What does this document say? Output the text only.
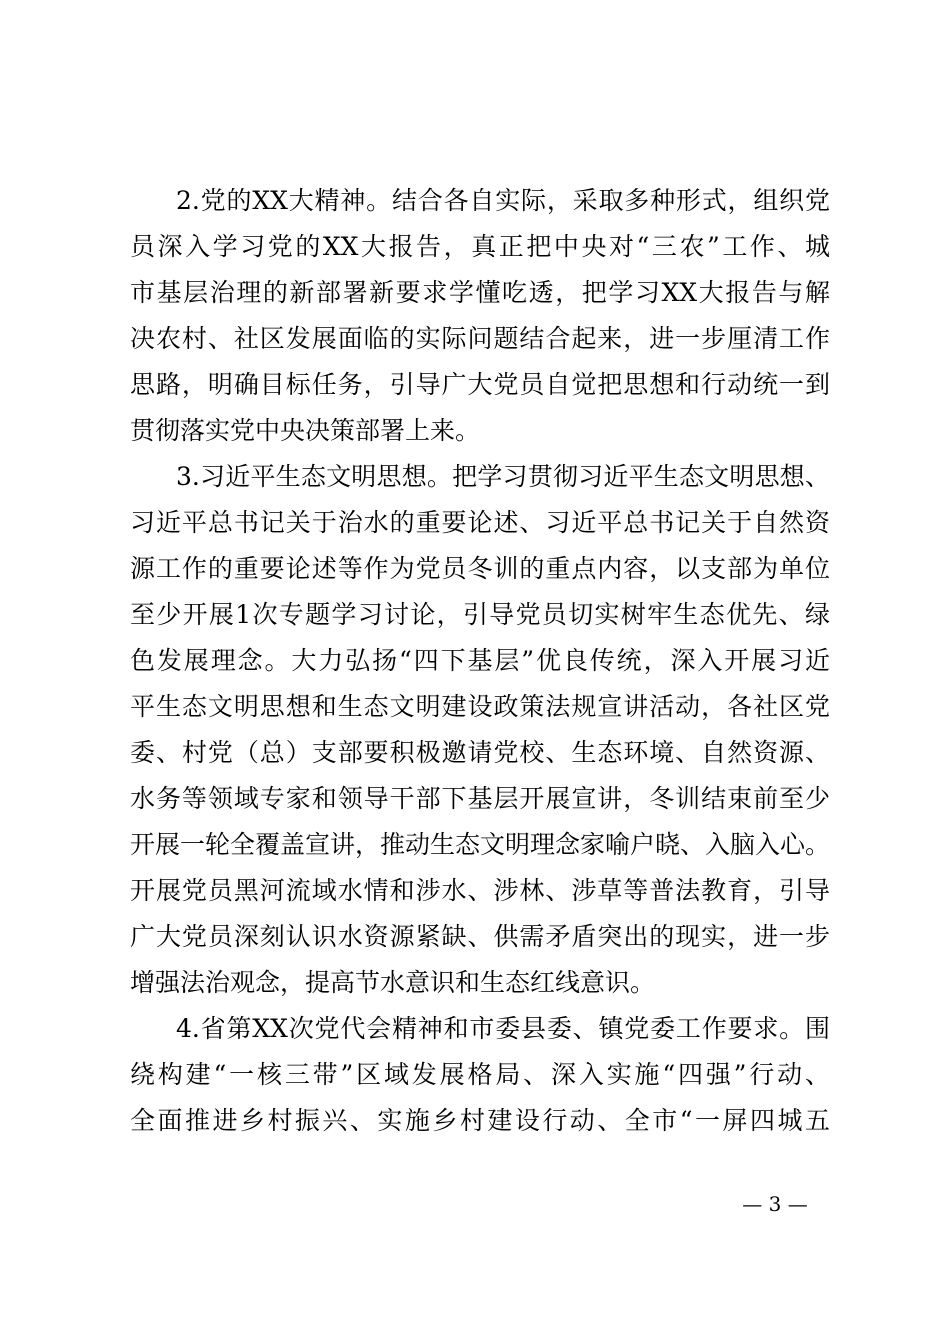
2.党的XX大精神。结合各自实际，采取多种形式，组织党
员深入学习党的XX大报告，真正把中央对“三农”工作、城
市基层治理的新部署新要求学懂吃透，把学习XX大报告与解
决农村、社区发展面临的实际问题结合起来，进一步厘清工作
思路，明确目标任务，引导广大党员自觉把思想和行动统一到
贯彻落实党中央决策部署上来。
3.习近平生态文明思想。把学习贯彻习近平生态文明思想、
习近平总书记关于治水的重要论述、习近平总书记关于自然资
源工作的重要论述等作为党员冬训的重点内容，以支部为单位
至少开展1次专题学习讨论，引导党员切实树牢生态优先、绿
色发展理念。大力弘扬“四下基层”优良传统，深入开展习近
平生态文明思想和生态文明建设政策法规宣讲活动，各社区党
委、村党（总）支部要积极邀请党校、生态环境、自然资源、
水务等领域专家和领导干部下基层开展宣讲，冬训结束前至少
开展一轮全覆盖宣讲，推动生态文明理念家喻户晓、入脑入心。
开展党员黑河流域水情和涉水、涉林、涉草等普法教育，引导
广大党员深刻认识水资源紧缺、供需矛盾突出的现实，进一步
增强法治观念，提高节水意识和生态红线意识。
4.省第XX次党代会精神和市委县委、镇党委工作要求。围
绕构建“一核三带”区域发展格局、深入实施“四强”行动、
全面推进乡村振兴、实施乡村建设行动、全市“一屏四城五
— 3 —
